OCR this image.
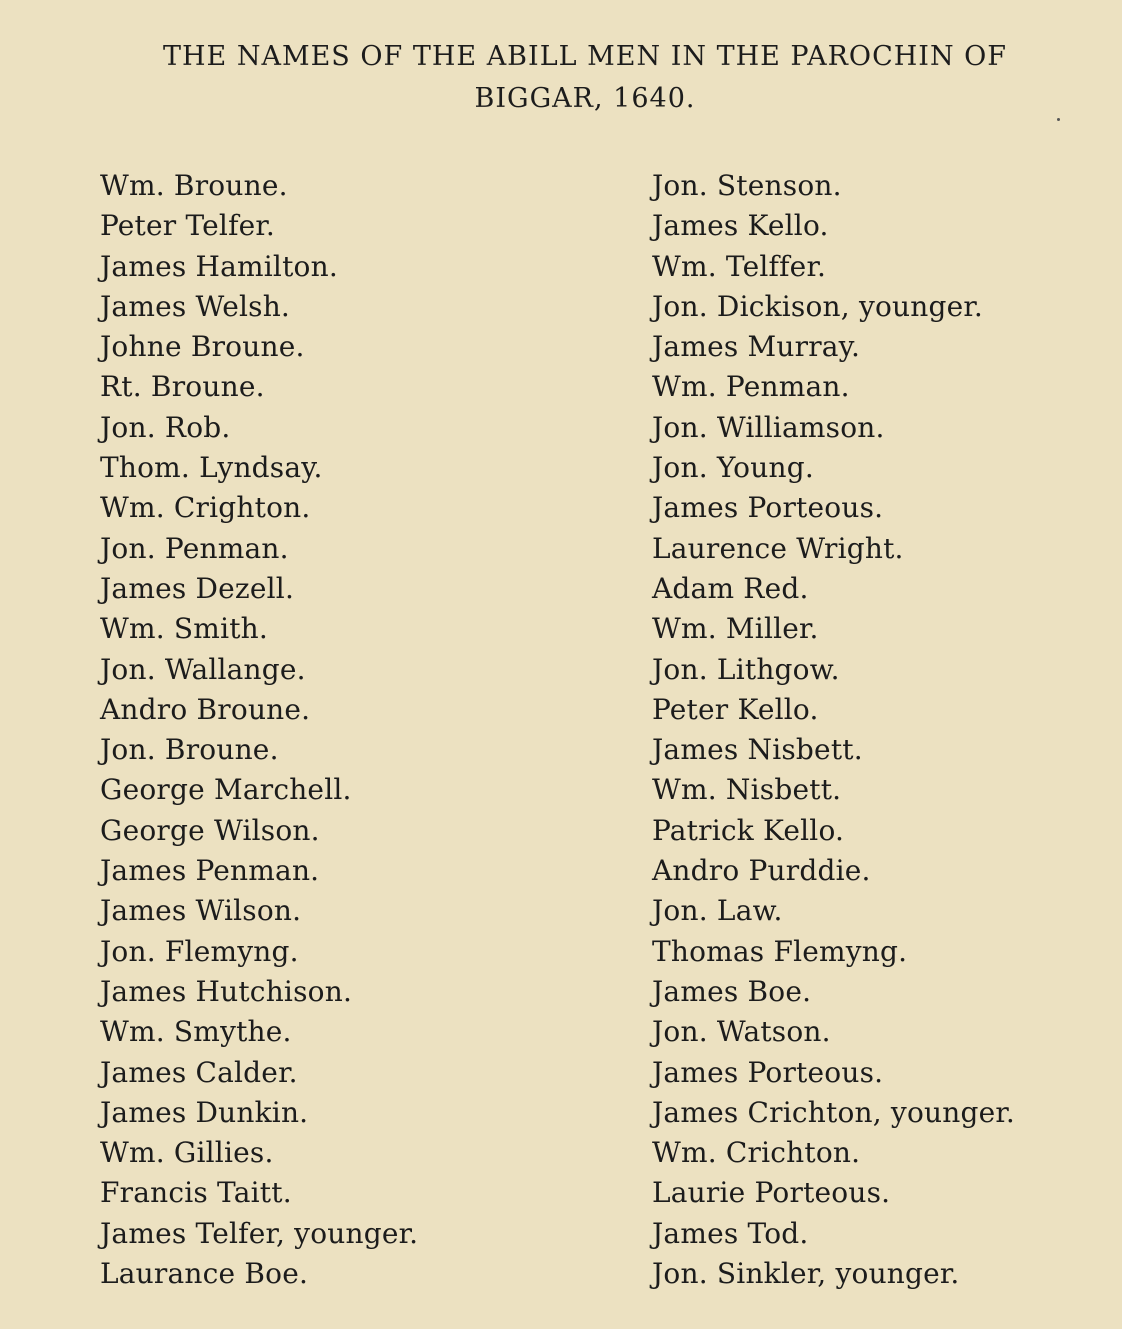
THE NAMES OF THE ABILL MEN IN THE PAROCHIN OF
BIGGAR, 1640.
Wm. Broune.
Peter Telfer.
James Hamilton.
James Welsh.
Johne Broune.
Rt. Broune.
Jon. Rob.
Thom. Lyndsay.
Wm. Crighton.
Jon. Penman.
James Dezell.
Wm. Smith.
Jon. Wallange.
Andro Broune.
Jon. Broune.
George Marchell.
George Wilson.
James Penman.
James Wilson.
Jon. Flemyng.
James Hutchison.
Wm. Smythe.
James Calder.
James Dunkin.
Wm. Gillies.
Francis Taitt.
James Telfer, younger.
Laurance Boe.
Jon. Stenson.
James Kello.
Wm. Telffer.
Jon. Dickison, younger.
James Murray.
Wm. Penman.
Jon. Williamson.
Jon. Young.
James Porteous.
Laurence Wright.
Adam Red.
Wm. Miller.
Jon. Lithgow.
Peter Kello.
James Nisbett.
Wm. Nisbett.
Patrick Kello.
Andro Purddie.
Jon. Law.
Thomas Flemyng.
James Boe.
Jon. Watson.
James Porteous.
James Crichton, younger.
Wm. Crichton.
Laurie Porteous.
James Tod.
Jon. Sinkler, younger.
